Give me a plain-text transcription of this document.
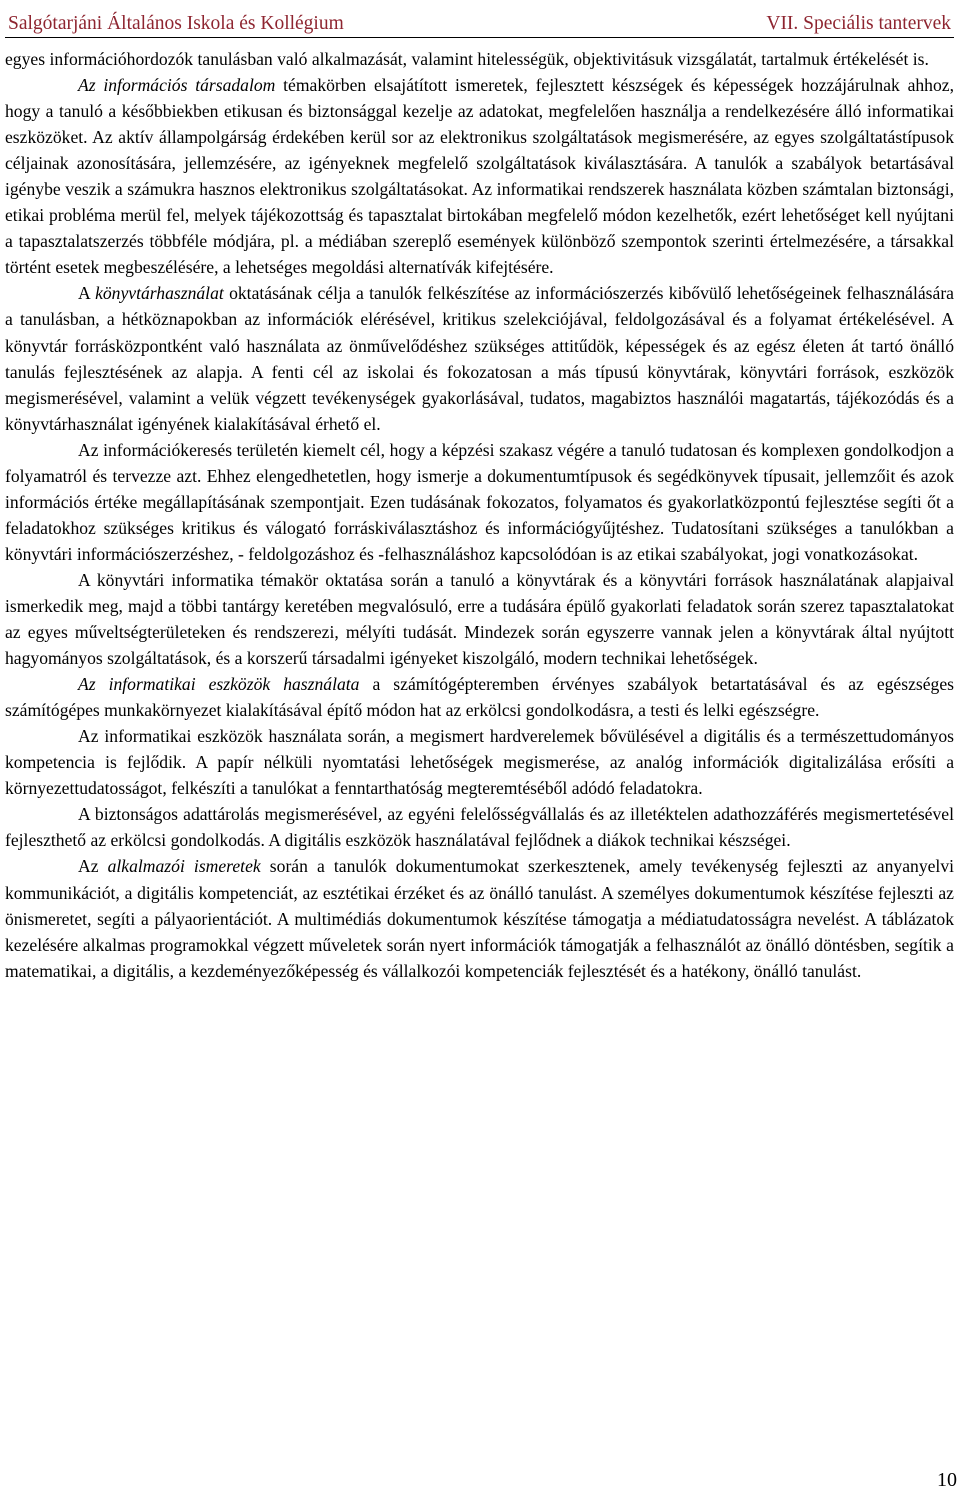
Salgótarjáni Általános Iskola és Kollégium	VII. Speciális tantervek

egyes információhordozók tanulásban való alkalmazását, valamint hitelességük, objektivitásuk vizsgálatát, tartalmuk értékelését is.

Az információs társadalom témakörben elsajátított ismeretek, fejlesztett készségek és képességek hozzájárulnak ahhoz, hogy a tanuló a későbbiekben etikusan és biztonsággal kezelje az adatokat, megfelelően használja a rendelkezésére álló informatikai eszközöket. Az aktív állampolgárság érdekében kerül sor az elektronikus szolgáltatások megismerésére, az egyes szolgáltatástípusok céljainak azonosítására, jellemzésére, az igényeknek megfelelő szolgáltatások kiválasztására. A tanulók a szabályok betartásával igénybe veszik a számukra hasznos elektronikus szolgáltatásokat. Az informatikai rendszerek használata közben számtalan biztonsági, etikai probléma merül fel, melyek tájékozottság és tapasztalat birtokában megfelelő módon kezelhetők, ezért lehetőséget kell nyújtani a tapasztalatszerzés többféle módjára, pl. a médiában szereplő események különböző szempontok szerinti értelmezésére, a társakkal történt esetek megbeszélésére, a lehetséges megoldási alternatívák kifejtésére.

A könyvtárhasználat oktatásának célja a tanulók felkészítése az információszerzés kibővülő lehetőségeinek felhasználására a tanulásban, a hétköznapokban az információk elérésével, kritikus szelekciójával, feldolgozásával és a folyamat értékelésével. A könyvtár forrásközpontként való használata az önművelődéshez szükséges attitűdök, képességek és az egész életen át tartó önálló tanulás fejlesztésének az alapja. A fenti cél az iskolai és fokozatosan a más típusú könyvtárak, könyvtári források, eszközök megismerésével, valamint a velük végzett tevékenységek gyakorlásával, tudatos, magabiztos használói magatartás, tájékozódás és a könyvtárhasználat igényének kialakításával érhető el.

Az információkeresés területén kiemelt cél, hogy a képzési szakasz végére a tanuló tudatosan és komplexen gondolkodjon a folyamatról és tervezze azt. Ehhez elengedhetetlen, hogy ismerje a dokumentumtípusok és segédkönyvek típusait, jellemzőit és azok információs értéke megállapításának szempontjait. Ezen tudásának fokozatos, folyamatos és gyakorlatközpontú fejlesztése segíti őt a feladatokhoz szükséges kritikus és válogató forráskiválasztáshoz és információgyűjtéshez. Tudatosítani szükséges a tanulókban a könyvtári információszerzéshez, - feldolgozáshoz és -felhasználáshoz kapcsolódóan is az etikai szabályokat, jogi vonatkozásokat.

A könyvtári informatika témakör oktatása során a tanuló a könyvtárak és a könyvtári források használatának alapjaival ismerkedik meg, majd a többi tantárgy keretében megvalósuló, erre a tudására épülő gyakorlati feladatok során szerez tapasztalatokat az egyes műveltségterületeken és rendszerezi, mélyíti tudását. Mindezek során egyszerre vannak jelen a könyvtárak által nyújtott hagyományos szolgáltatások, és a korszerű társadalmi igényeket kiszolgáló, modern technikai lehetőségek.

Az informatikai eszközök használata a számítógépteremben érvényes szabályok betartatásával és az egészséges számítógépes munkakörnyezet kialakításával építő módon hat az erkölcsi gondolkodásra, a testi és lelki egészségre.

Az informatikai eszközök használata során, a megismert hardverelemek bővülésével a digitális és a természettudományos kompetencia is fejlődik. A papír nélküli nyomtatási lehetőségek megismerése, az analóg információk digitalizálása erősíti a környezettudatosságot, felkészíti a tanulókat a fenntarthatóság megteremtéséből adódó feladatokra.

A biztonságos adattárolás megismerésével, az egyéni felelősségvállalás és az illetéktelen adathozzáférés megismertetésével fejleszthető az erkölcsi gondolkodás. A digitális eszközök használatával fejlődnek a diákok technikai készségei.

Az alkalmazói ismeretek során a tanulók dokumentumokat szerkesztenek, amely tevékenység fejleszti az anyanyelvi kommunikációt, a digitális kompetenciát, az esztétikai érzéket és az önálló tanulást. A személyes dokumentumok készítése fejleszti az önismeretet, segíti a pályaorientációt. A multimédiás dokumentumok készítése támogatja a médiatudatosságra nevelést. A táblázatok kezelésére alkalmas programokkal végzett műveletek során nyert információk támogatják a felhasználót az önálló döntésben, segítik a matematikai, a digitális, a kezdeményezőképesség és vállalkozói kompetenciák fejlesztését és a hatékony, önálló tanulást.

10
